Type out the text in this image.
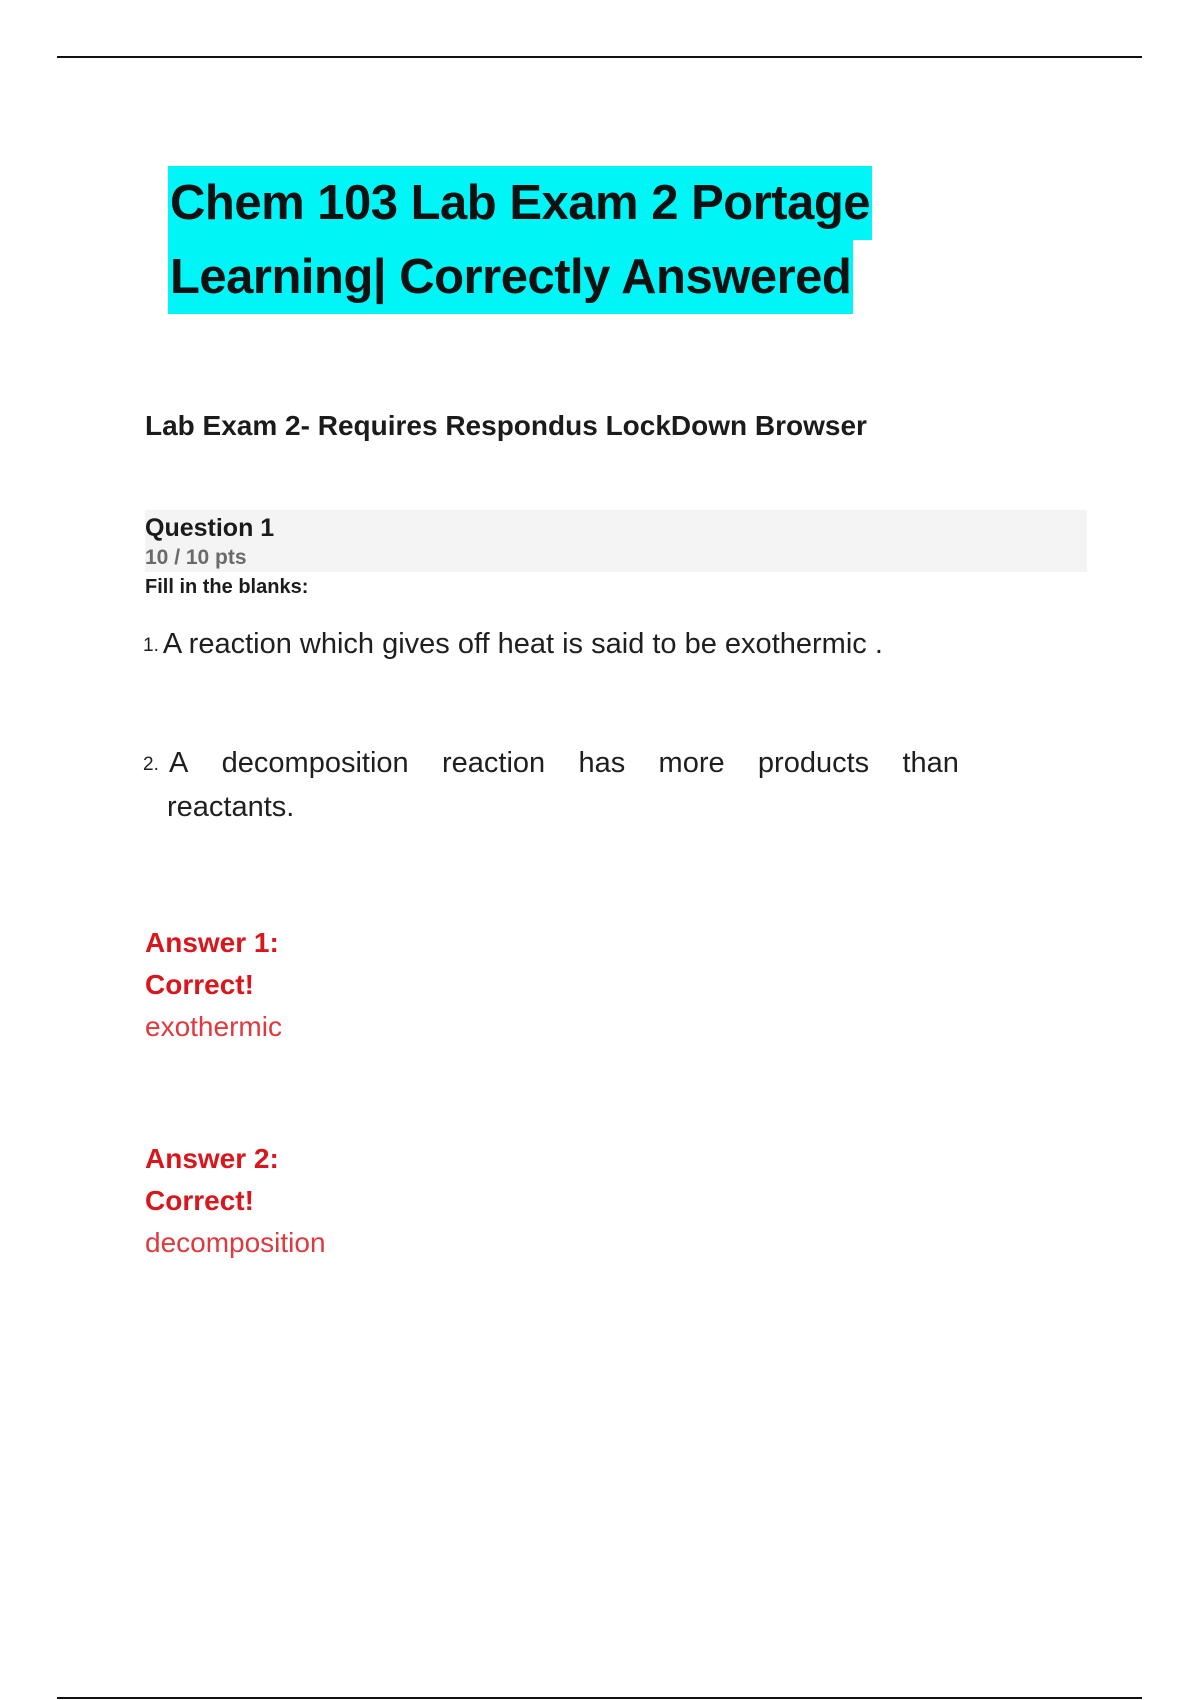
Chem 103 Lab Exam 2 Portage
Learning| Correctly Answered
Lab Exam 2- Requires Respondus LockDown Browser
Question 1
10 / 10 pts
Fill in the blanks:
1. A reaction which gives off heat is said to be exothermic .
2. A decomposition reaction has more products than
reactants.
Answer 1:
Correct!
exothermic
Answer 2:
Correct!
decomposition
